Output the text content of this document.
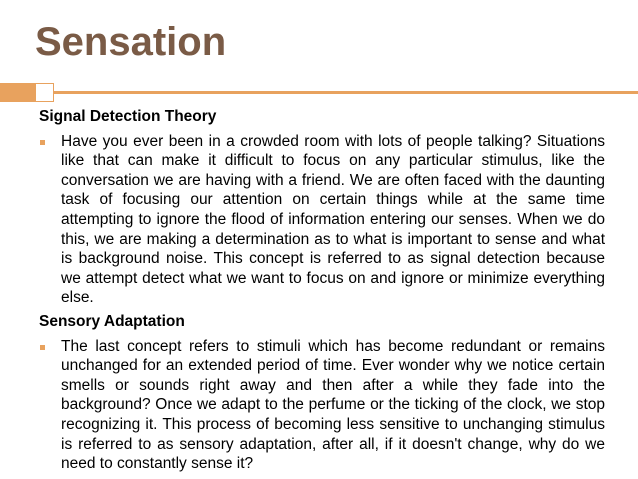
Sensation

Signal Detection Theory

Have you ever been in a crowded room with lots of people talking? Situations like that can make it difficult to focus on any particular stimulus, like the conversation we are having with a friend. We are often faced with the daunting task of focusing our attention on certain things while at the same time attempting to ignore the flood of information entering our senses. When we do this, we are making a determination as to what is important to sense and what is background noise. This concept is referred to as signal detection because we attempt detect what we want to focus on and ignore or minimize everything else.

Sensory Adaptation

The last concept refers to stimuli which has become redundant or remains unchanged for an extended period of time. Ever wonder why we notice certain smells or sounds right away and then after a while they fade into the background? Once we adapt to the perfume or the ticking of the clock, we stop recognizing it. This process of becoming less sensitive to unchanging stimulus is referred to as sensory adaptation, after all, if it doesn't change, why do we need to constantly sense it?
